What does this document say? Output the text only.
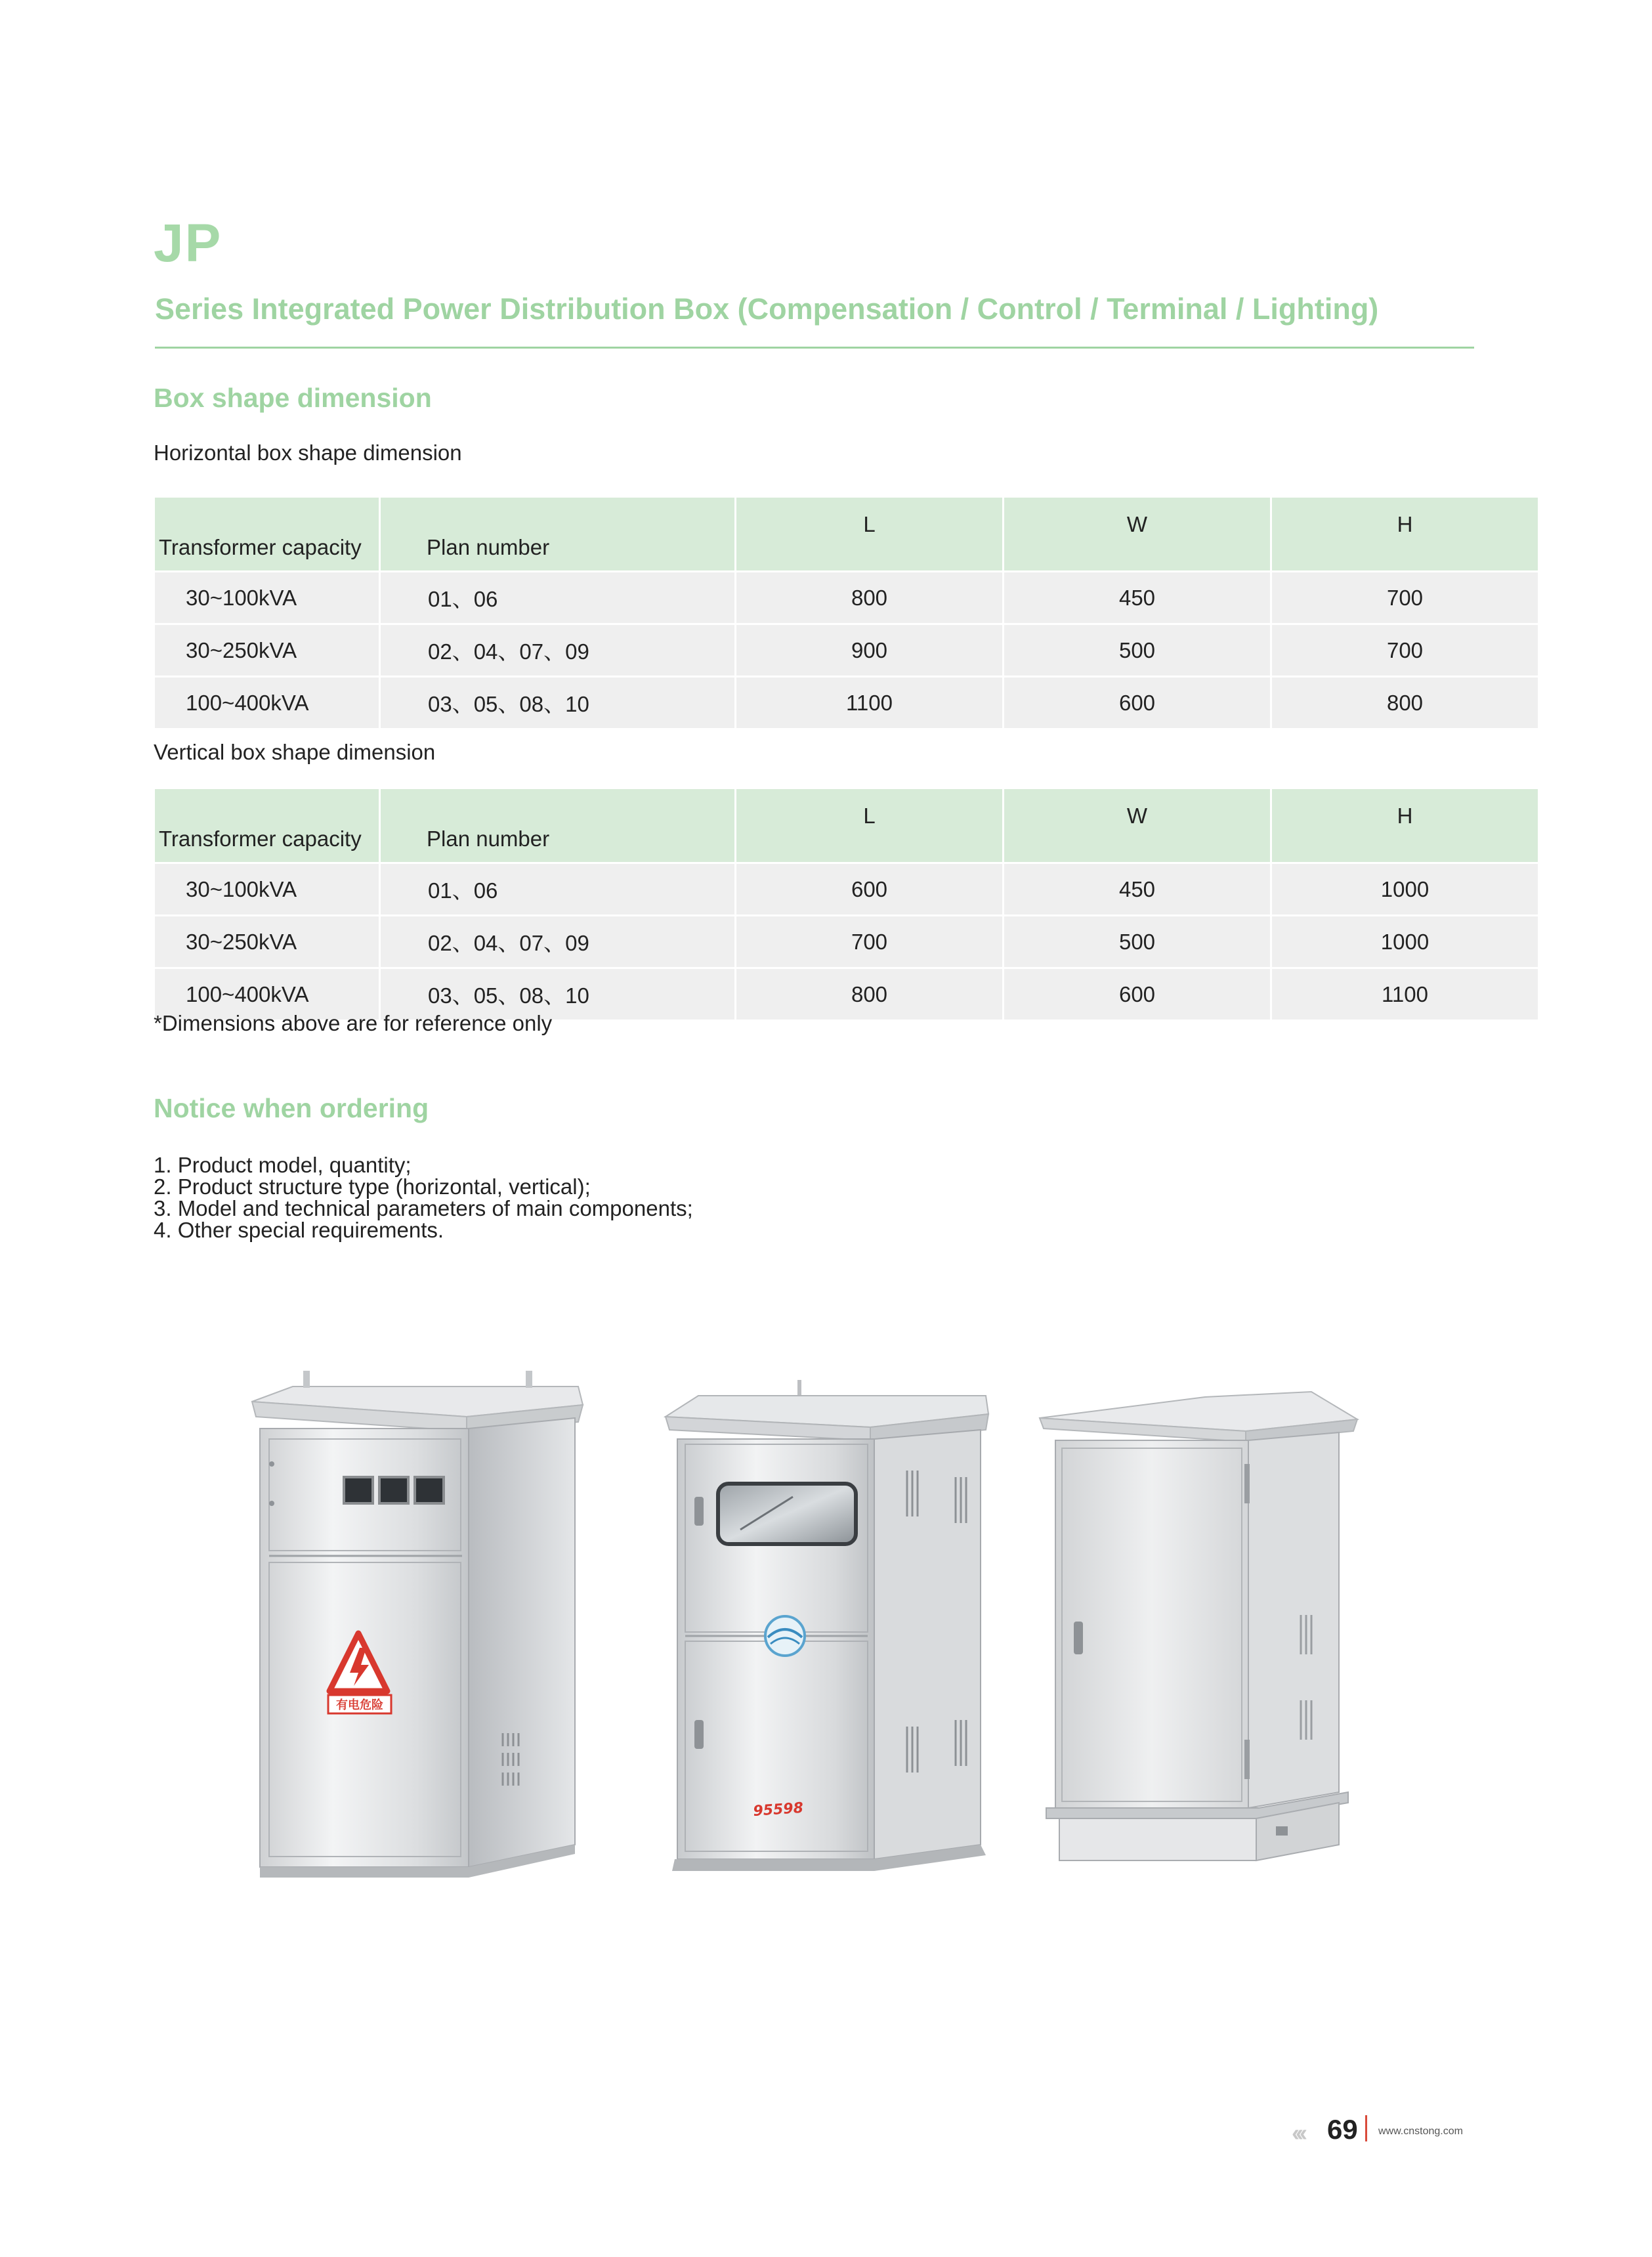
JP
Series Integrated Power Distribution Box (Compensation / Control / Terminal / Lighting)
Box shape dimension
Horizontal box shape dimension
Transformer capacity	Plan number	L	W	H
30~100kVA	01、06	800	450	700
30~250kVA	02、04、07、09	900	500	700
100~400kVA	03、05、08、10	1100	600	800
Vertical box shape dimension
Transformer capacity	Plan number	L	W	H
30~100kVA	01、06	600	450	1000
30~250kVA	02、04、07、09	700	500	1000
100~400kVA	03、05、08、10	800	600	1100
*Dimensions above are for reference only
Notice when ordering
1. Product model, quantity;
2. Product structure type (horizontal, vertical);
3. Model and technical parameters of main components;
4. Other special requirements.
有电危险
95598
‹‹‹ 69 www.cnstong.com
